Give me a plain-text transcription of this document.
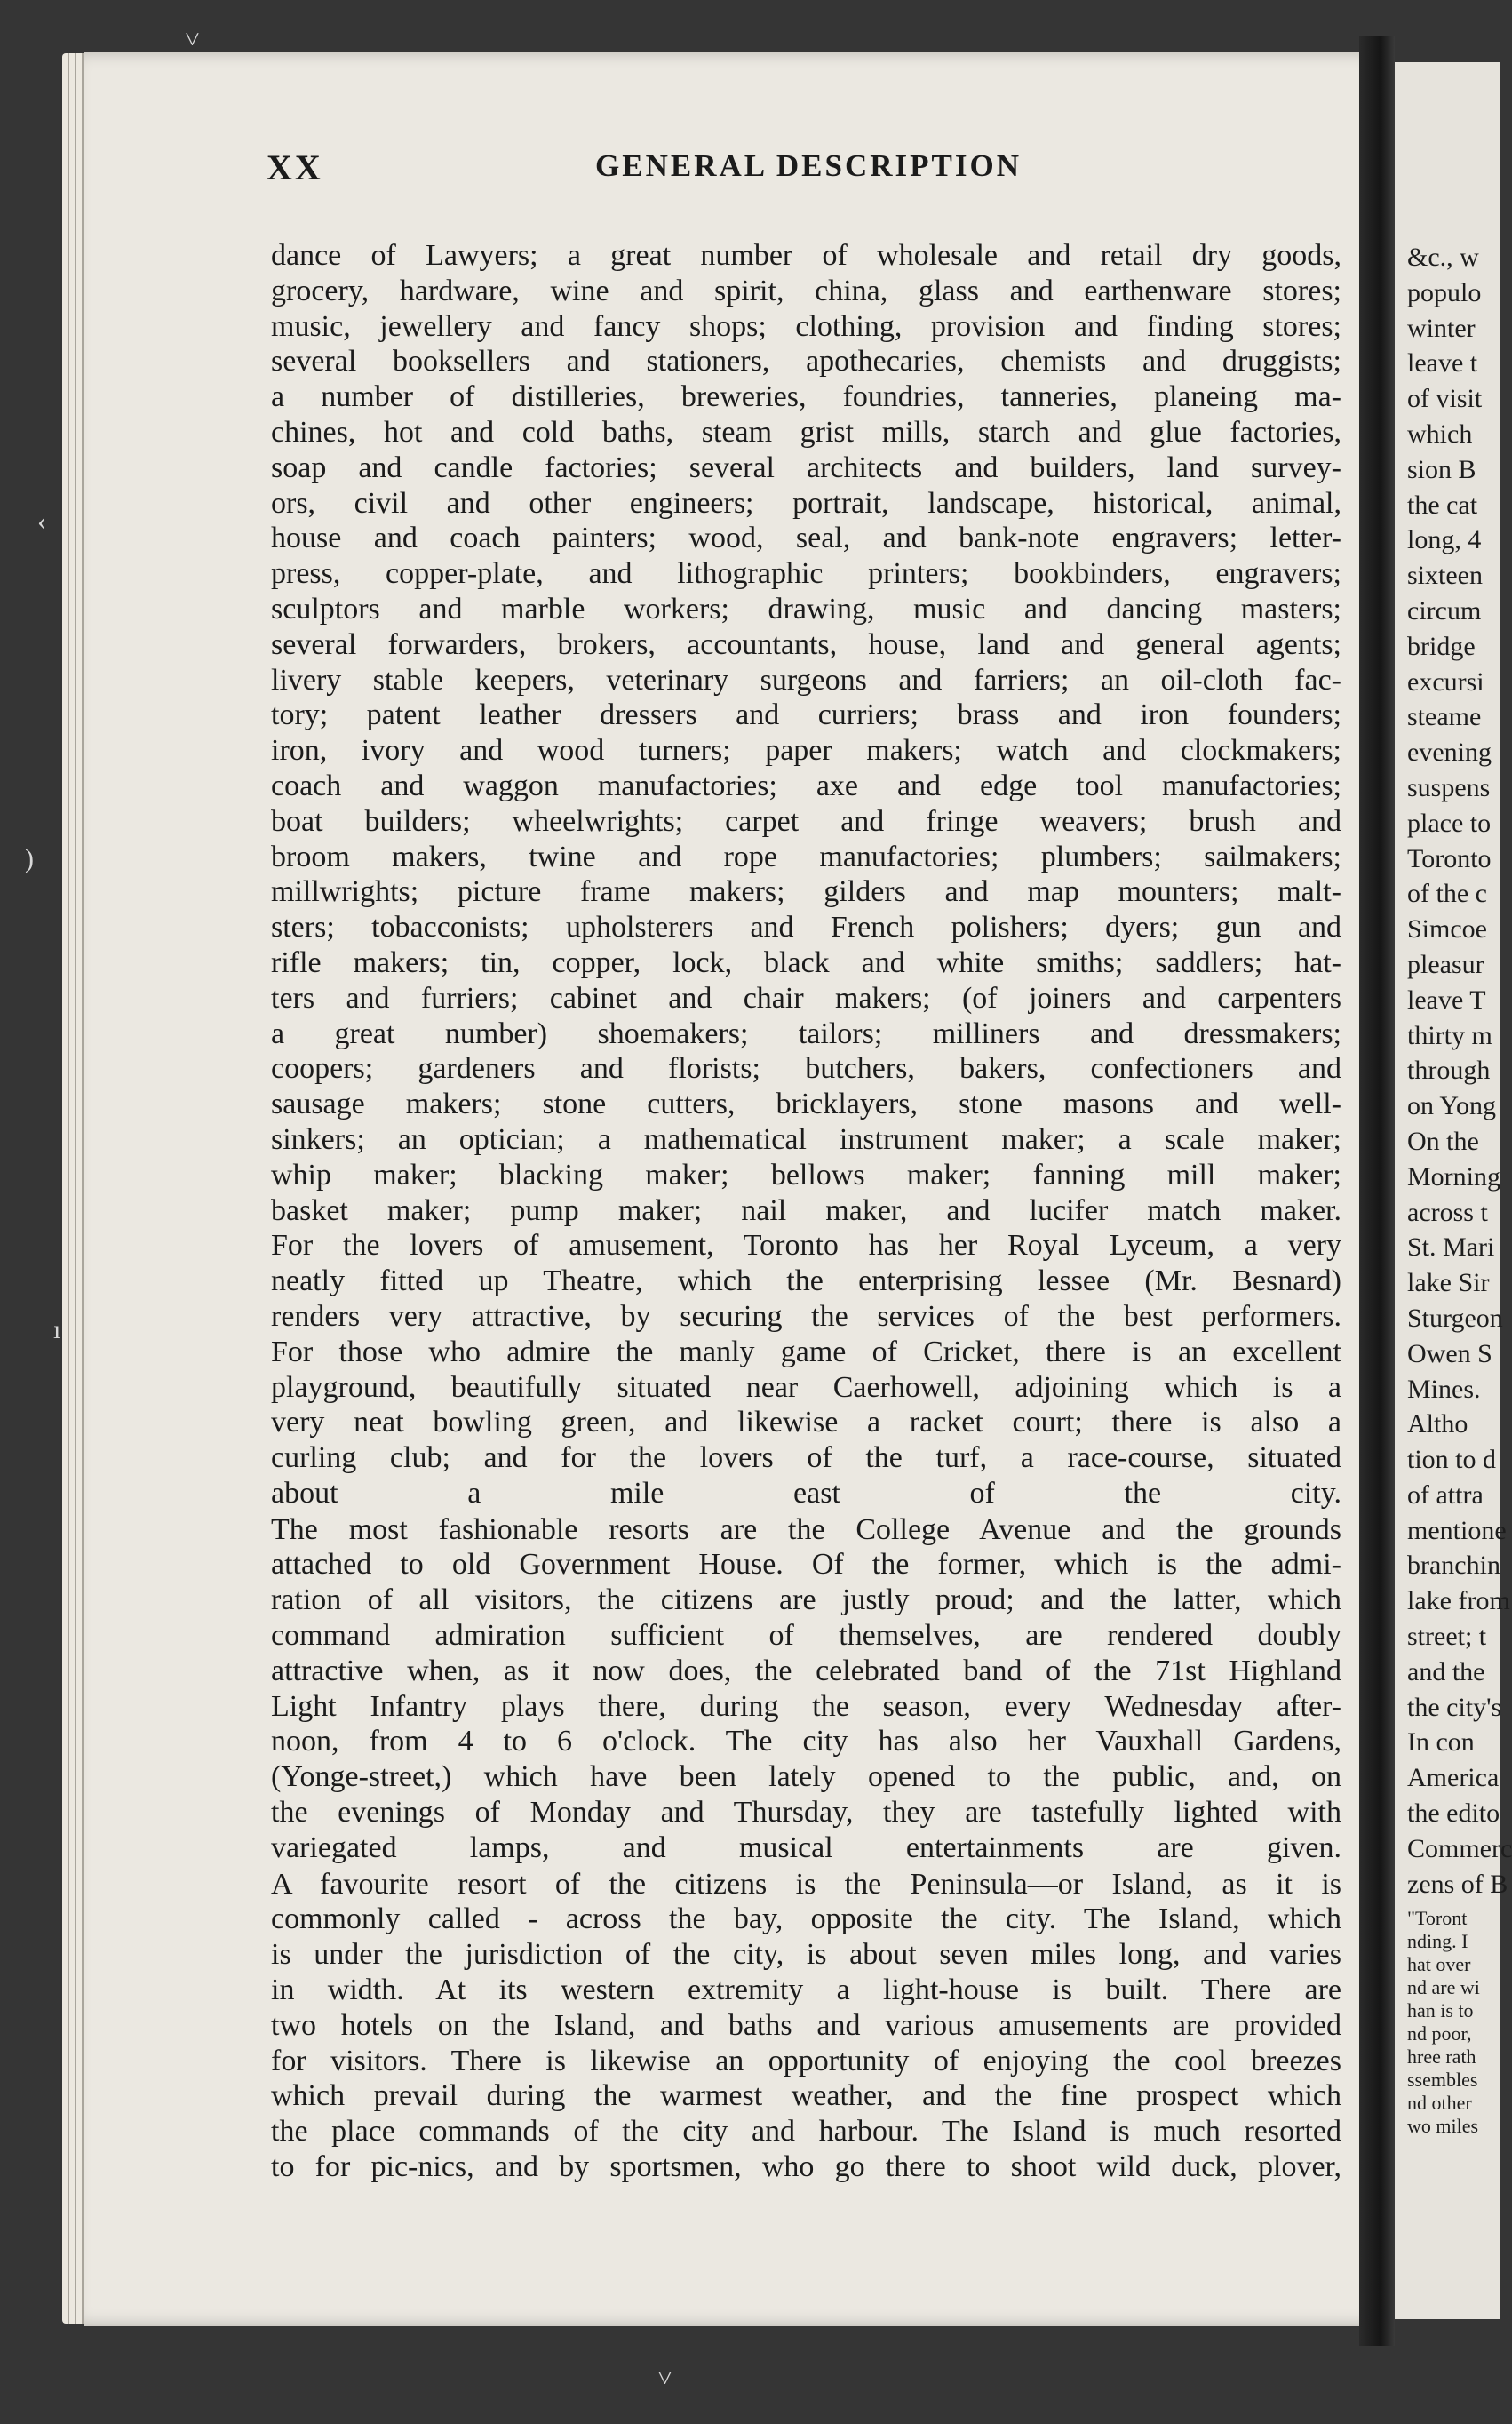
˅
‹
)
ı
˅
XX	GENERAL DESCRIPTION

dance of Lawyers; a great number of wholesale and retail dry goods,
grocery, hardware, wine and spirit, china, glass and earthenware stores;
music, jewellery and fancy shops; clothing, provision and finding stores;
several booksellers and stationers, apothecaries, chemists and druggists;
a number of distilleries, breweries, foundries, tanneries, planeing ma-
chines, hot and cold baths, steam grist mills, starch and glue factories,
soap and candle factories; several architects and builders, land survey-
ors, civil and other engineers; portrait, landscape, historical, animal,
house and coach painters; wood, seal, and bank-note engravers; letter-
press, copper-plate, and lithographic printers; bookbinders, engravers;
sculptors and marble workers; drawing, music and dancing masters;
several forwarders, brokers, accountants, house, land and general agents;
livery stable keepers, veterinary surgeons and farriers; an oil-cloth fac-
tory; patent leather dressers and curriers; brass and iron founders;
iron, ivory and wood turners; paper makers; watch and clockmakers;
coach and waggon manufactories; axe and edge tool manufactories;
boat builders; wheelwrights; carpet and fringe weavers; brush and
broom makers, twine and rope manufactories; plumbers; sailmakers;
millwrights; picture frame makers; gilders and map mounters; malt-
sters; tobacconists; upholsterers and French polishers; dyers; gun and
rifle makers; tin, copper, lock, black and white smiths; saddlers; hat-
ters and furriers; cabinet and chair makers; (of joiners and carpenters
a great number) shoemakers; tailors; milliners and dressmakers;
coopers; gardeners and florists; butchers, bakers, confectioners and
sausage makers; stone cutters, bricklayers, stone masons and well-
sinkers; an optician; a mathematical instrument maker; a scale maker;
whip maker; blacking maker; bellows maker; fanning mill maker;
basket maker; pump maker; nail maker, and lucifer match maker.
For the lovers of amusement, Toronto has her Royal Lyceum, a very
neatly fitted up Theatre, which the enterprising lessee (Mr. Besnard)
renders very attractive, by securing the services of the best performers.
For those who admire the manly game of Cricket, there is an excellent
playground, beautifully situated near Caerhowell, adjoining which is a
very neat bowling green, and likewise a racket court; there is also a
curling club; and for the lovers of the turf, a race-course, situated
about a mile east of the city.

The most fashionable resorts are the College Avenue and the grounds
attached to old Government House. Of the former, which is the admi-
ration of all visitors, the citizens are justly proud; and the latter, which
command admiration sufficient of themselves, are rendered doubly
attractive when, as it now does, the celebrated band of the 71st Highland
Light Infantry plays there, during the season, every Wednesday after-
noon, from 4 to 6 o'clock. The city has also her Vauxhall Gardens,
(Yonge-street,) which have been lately opened to the public, and, on
the evenings of Monday and Thursday, they are tastefully lighted with
variegated lamps, and musical entertainments are given.

A favourite resort of the citizens is the Peninsula—or Island, as it is
commonly called - across the bay, opposite the city. The Island, which
is under the jurisdiction of the city, is about seven miles long, and varies
in width. At its western extremity a light-house is built. There are
two hotels on the Island, and baths and various amusements are provided
for visitors. There is likewise an opportunity of enjoying the cool breezes
which prevail during the warmest weather, and the fine prospect which
the place commands of the city and harbour. The Island is much resorted
to for pic-nics, and by sportsmen, who go there to shoot wild duck, plover,

&c., w
populo
winter
leave t
of visit
which
sion B
the cat
long, 4
sixteen
circum
bridge
excursi
steame
evening
suspens
place to
Toronto
of the c
Simcoe
pleasur
leave T
thirty m
through
on Yong
On the
Morning
across t
St. Mari
lake Sir
Sturgeon
Owen S
Mines.
Altho
tion to d
of attra
mentione
branchin
lake from
street; t
and the
the city's
In con
America
the edito
Commerc
zens of B

"Toront
nding. I
hat over
nd are wi
han is to
nd poor,
hree rath
ssembles
nd other
wo miles
